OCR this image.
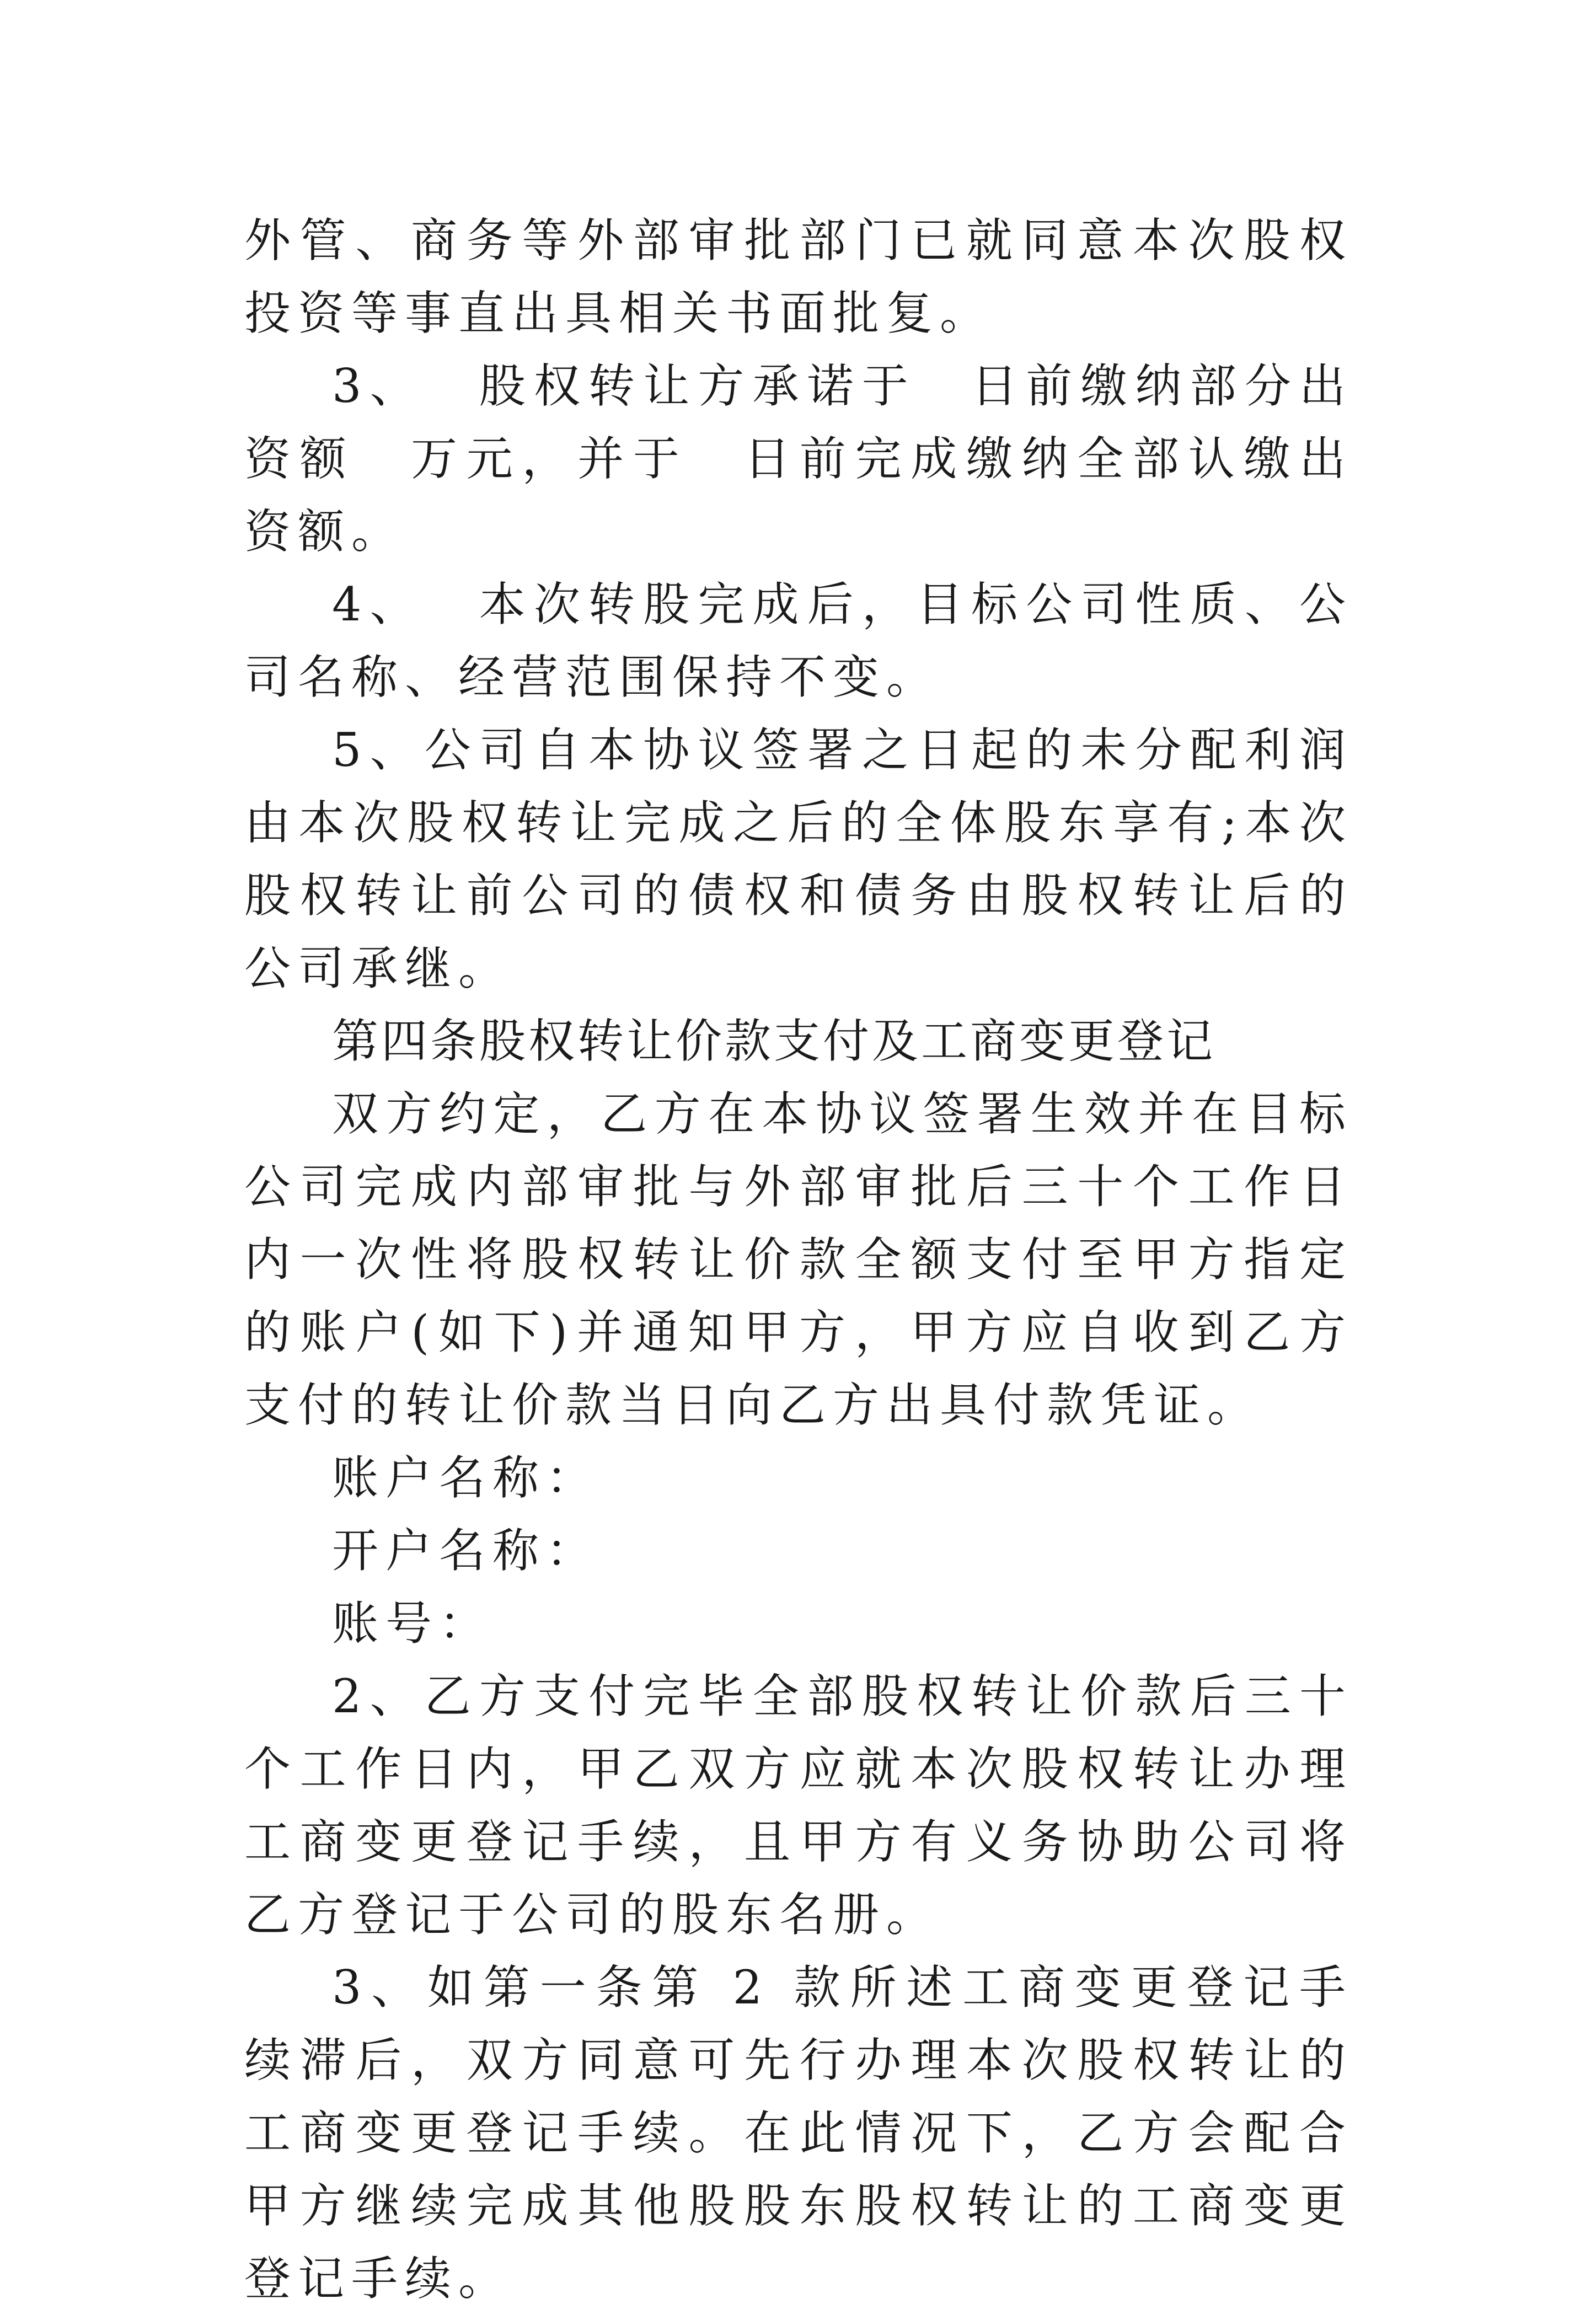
外管、商务等外部审批部门已就同意本次股权投资等事直出具相关书面批复。

3、　 股权转让方承诺于　日前缴纳部分出资额　万元，并于　日前完成缴纳全部认缴出资额。

4、　 本次转股完成后，目标公司性质、公司名称、经营范围保持不变。

5、公司自本协议签署之日起的未分配利润由本次股权转让完成之后的全体股东享有;本次股权转让前公司的债权和债务由股权转让后的公司承继。

第四条股权转让价款支付及工商变更登记

双方约定，乙方在本协议签署生效并在目标公司完成内部审批与外部审批后三十个工作日内一次性将股权转让价款全额支付至甲方指定的账户(如下)并通知甲方，甲方应自收到乙方支付的转让价款当日向乙方出具付款凭证。

账户名称：

开户名称：

账号：

2、乙方支付完毕全部股权转让价款后三十个工作日内，甲乙双方应就本次股权转让办理工商变更登记手续，且甲方有义务协助公司将乙方登记于公司的股东名册。

3、如第一条第 2 款所述工商变更登记手续滞后，双方同意可先行办理本次股权转让的工商变更登记手续。在此情况下，乙方会配合甲方继续完成其他股股东股权转让的工商变更登记手续。
